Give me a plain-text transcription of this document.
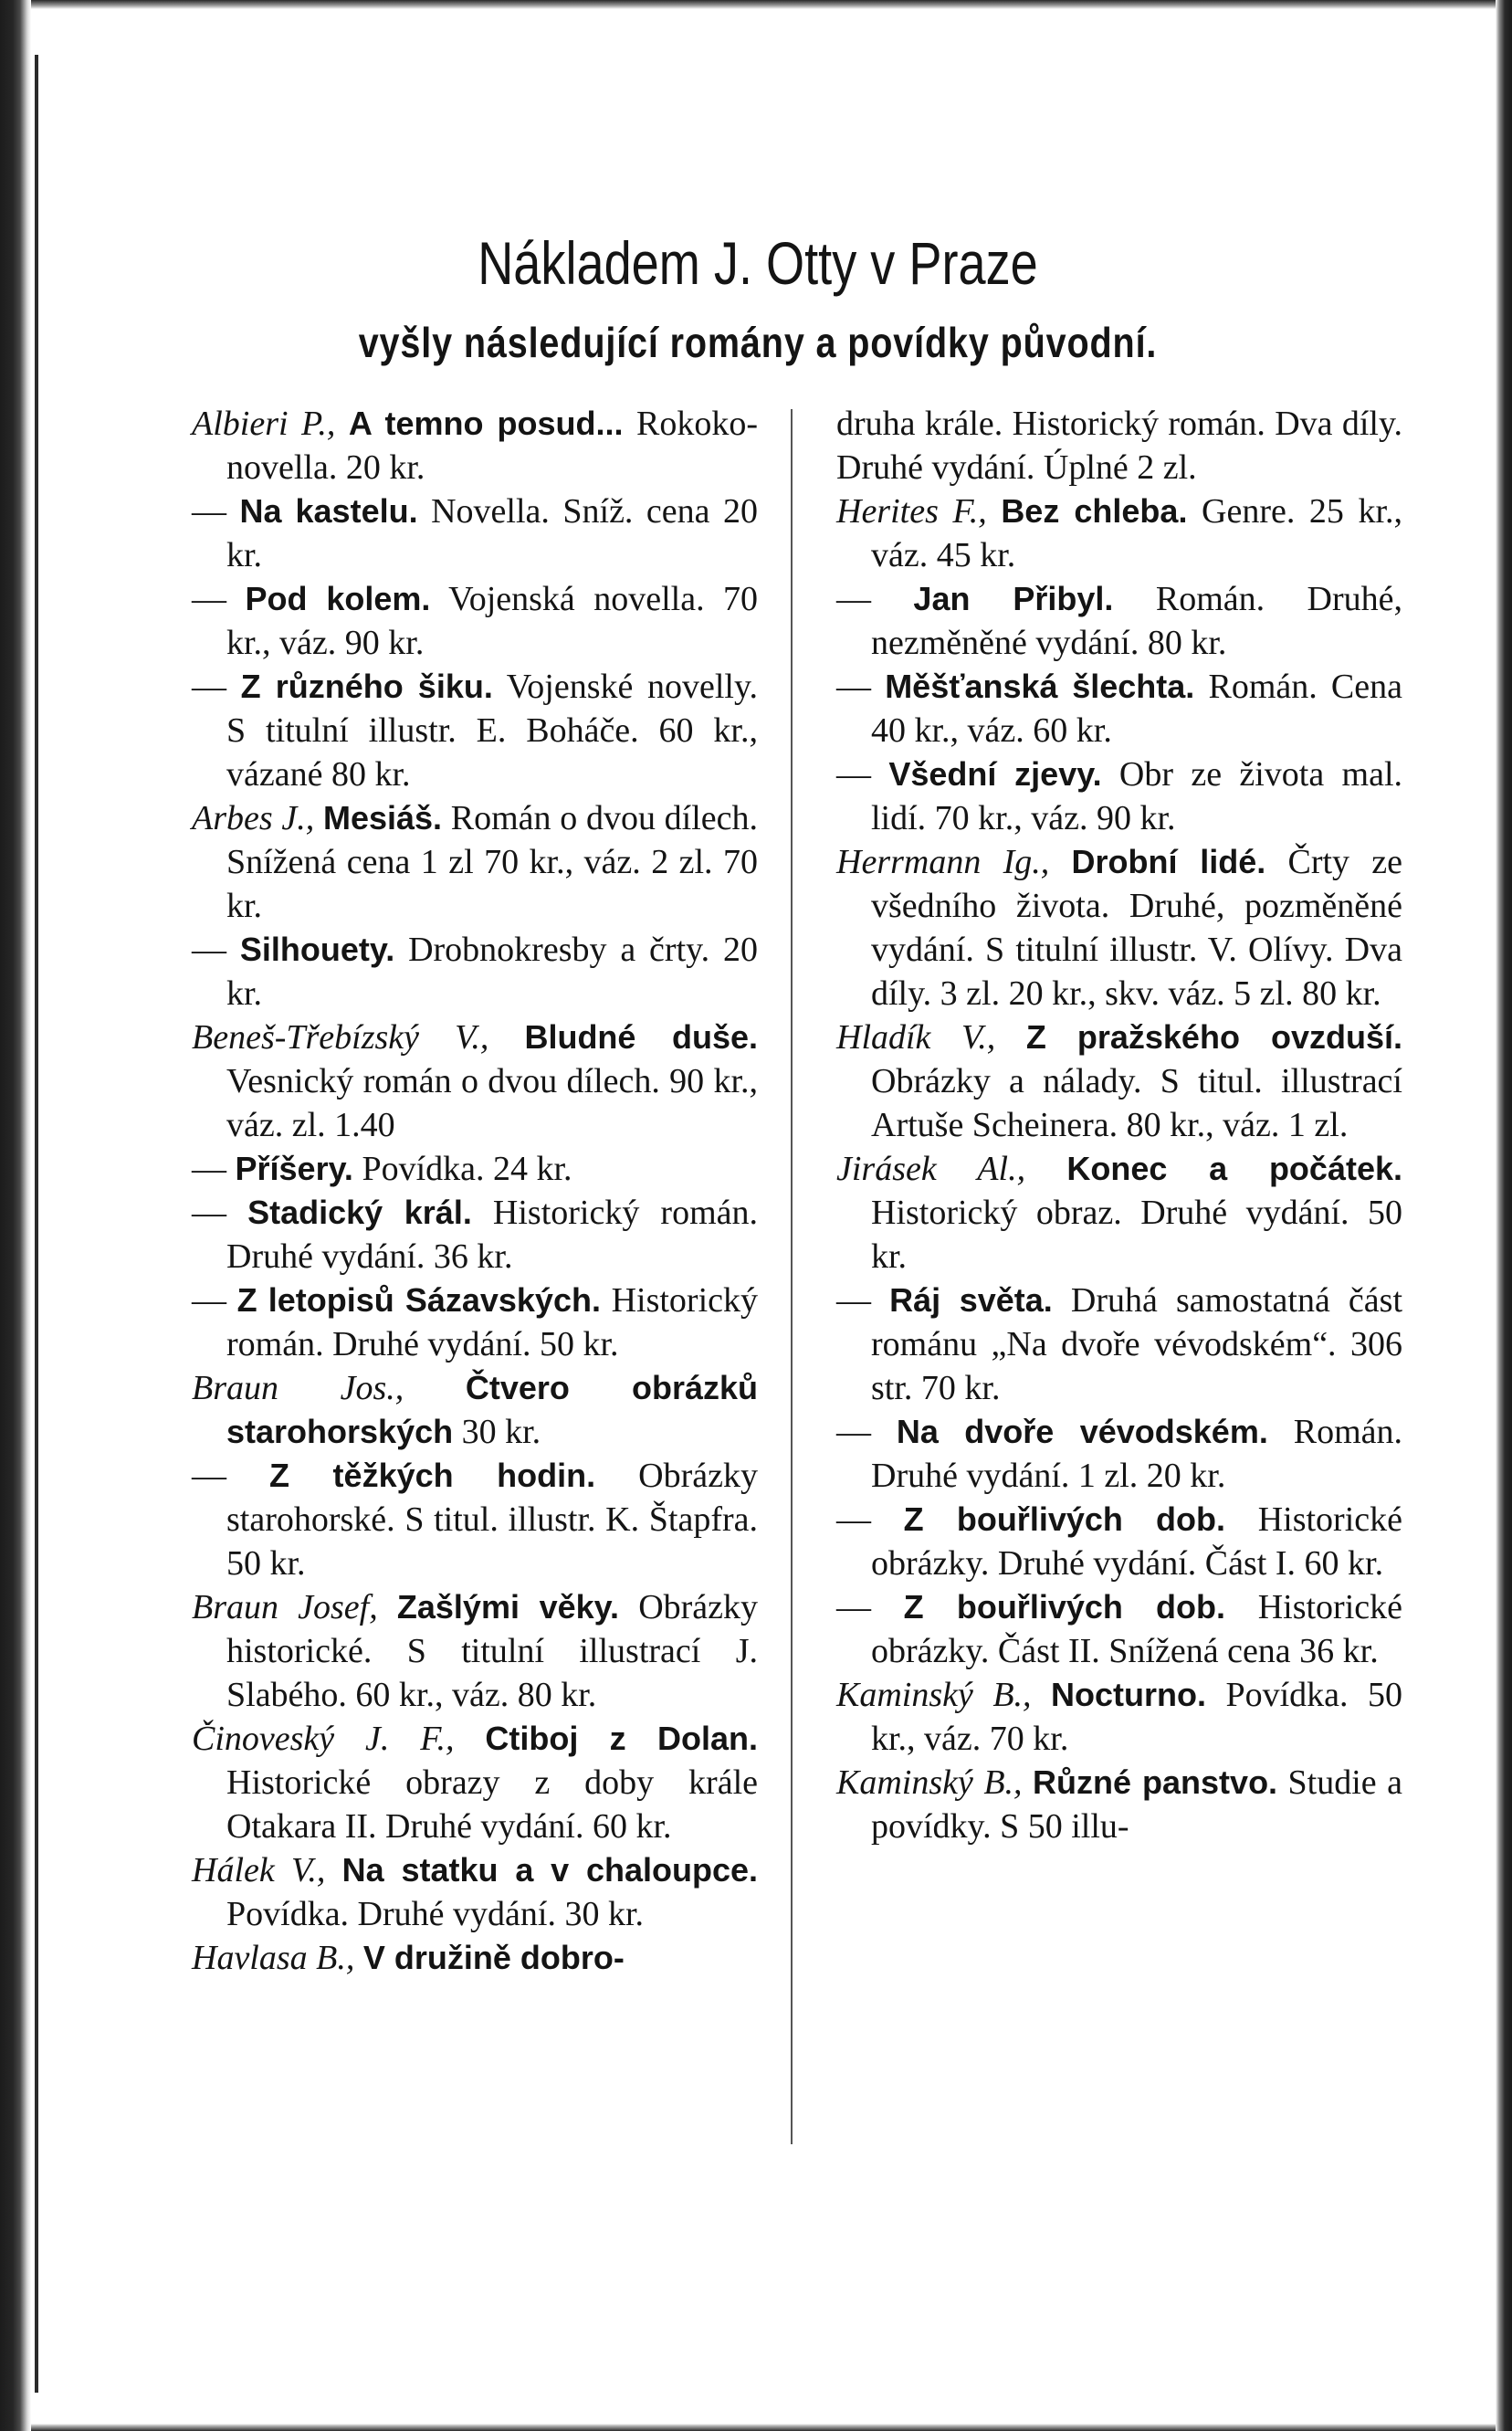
Nákladem J. Otty v Praze
vyšly následující romány a povídky původní.

Albieri P., A temno posud... Rokoko-novella. 20 kr.

— Na kastelu. Novella. Sníž. cena 20 kr.

— Pod kolem. Vojenská novella. 70 kr., váz. 90 kr.

— Z různého šiku. Vojenské novelly. S titulní illustr. E. Boháče. 60 kr., vázané 80 kr.

Arbes J., Mesiáš. Román o dvou dílech. Snížená cena 1 zl 70 kr., váz. 2 zl. 70 kr.

— Silhouety. Drobnokresby a črty. 20 kr.

Beneš-Třebízský V., Bludné duše. Vesnický román o dvou dílech. 90 kr., váz. zl. 1.40

— Příšery. Povídka. 24 kr.

— Stadický král. Historický román. Druhé vydání. 36 kr.

— Z letopisů Sázavských. Historický román. Druhé vydání. 50 kr.

Braun Jos., Čtvero obrázků starohorských 30 kr.

— Z těžkých hodin. Obrázky starohorské. S titul. illustr. K. Štapfra. 50 kr.

Braun Josef, Zašlými věky. Obrázky historické. S titulní illustrací J. Slabého. 60 kr., váz. 80 kr.

Činoveský J. F., Ctiboj z Dolan. Historické obrazy z doby krále Otakara II. Druhé vydání. 60 kr.

Hálek V., Na statku a v chaloupce. Povídka. Druhé vydání. 30 kr.

Havlasa B., V družině dobro-

druha krále. Historický román. Dva díly. Druhé vydání. Úplné 2 zl.

Herites F., Bez chleba. Genre. 25 kr., váz. 45 kr.

— Jan Přibyl. Román. Druhé, nezměněné vydání. 80 kr.

— Měšťanská šlechta. Román. Cena 40 kr., váz. 60 kr.

— Všední zjevy. Obr ze života mal. lidí. 70 kr., váz. 90 kr.

Herrmann Ig., Drobní lidé. Črty ze všedního života. Druhé, pozměněné vydání. S titulní illustr. V. Olívy. Dva díly. 3 zl. 20 kr., skv. váz. 5 zl. 80 kr.

Hladík V., Z pražského ovzduší. Obrázky a nálady. S titul. illustrací Artuše Scheinera. 80 kr., váz. 1 zl.

Jirásek Al., Konec a počátek. Historický obraz. Druhé vydání. 50 kr.

— Ráj světa. Druhá samostatná část románu „Na dvoře vévodském“. 306 str. 70 kr.

— Na dvoře vévodském. Román. Druhé vydání. 1 zl. 20 kr.

— Z bouřlivých dob. Historické obrázky. Druhé vydání. Část I. 60 kr.

— Z bouřlivých dob. Historické obrázky. Část II. Snížená cena 36 kr.

Kaminský B., Nocturno. Povídka. 50 kr., váz. 70 kr.

Kaminský B., Různé panstvo. Studie a povídky. S 50 illu-
